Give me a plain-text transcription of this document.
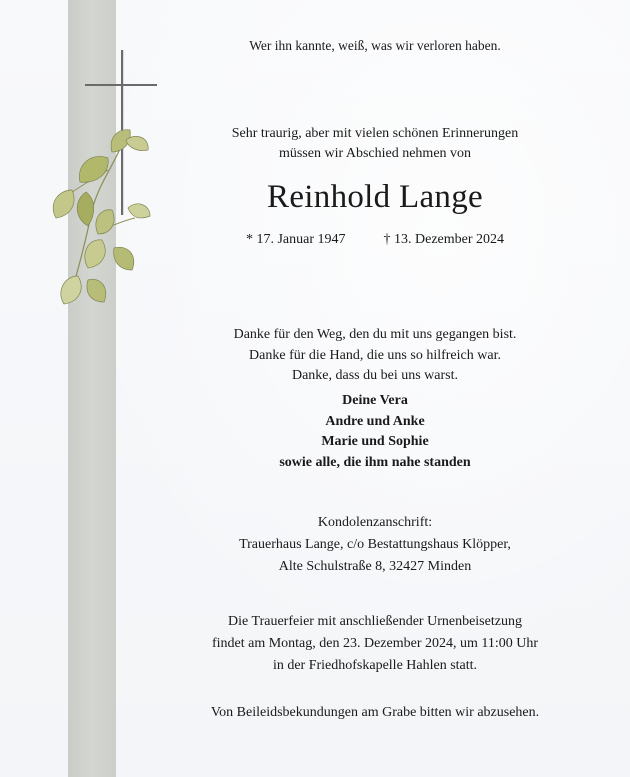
Wer ihn kannte, weiß, was wir verloren haben.
Sehr traurig, aber mit vielen schönen Erinnerungen
müssen wir Abschied nehmen von
Reinhold Lange
* 17. Januar 1947	† 13. Dezember 2024
Danke für den Weg, den du mit uns gegangen bist.
Danke für die Hand, die uns so hilfreich war.
Danke, dass du bei uns warst.
Deine Vera
Andre und Anke
Marie und Sophie
sowie alle, die ihm nahe standen
Kondolenzanschrift:
Trauerhaus Lange, c/o Bestattungshaus Klöpper,
Alte Schulstraße 8, 32427 Minden
Die Trauerfeier mit anschließender Urnenbeisetzung
findet am Montag, den 23. Dezember 2024, um 11:00 Uhr
in der Friedhofskapelle Hahlen statt.
Von Beileidsbekundungen am Grabe bitten wir abzusehen.
